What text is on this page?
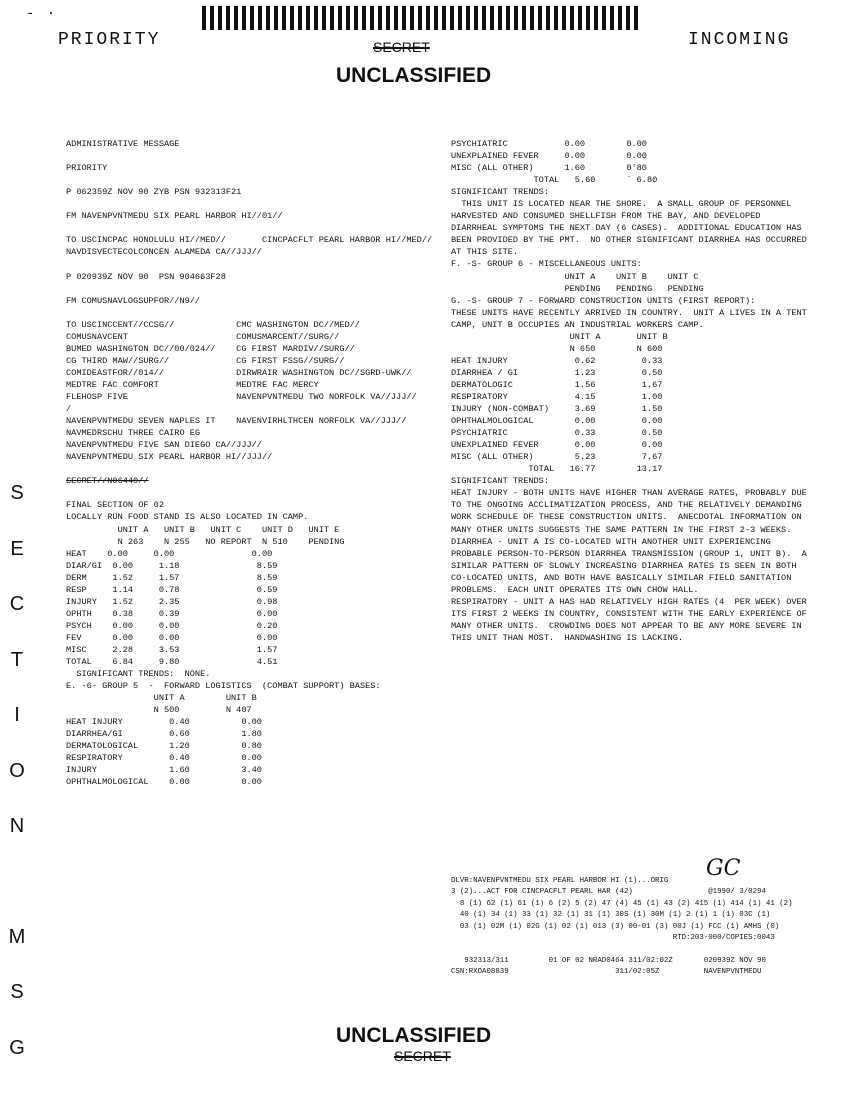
- ·
PRIORITY	INCOMING
SECRET
UNCLASSIFIED

S

E

C

T

I

O

N

M

S

G

ADMINISTRATIVE MESSAGE
PRIORITY
P 062359Z NOV 90 ZYB PSN 932313F21
FM NAVENPVNTMEDU SIX PEARL HARBOR HI//01//
TO USCINCPAC HONOLULU HI//MED//       CINCPACFLT PEARL HARBOR HI//MED//
NAVDISVECTECOLCONCEN ALAMEDA CA//JJJ//
P 020939Z NOV 90  PSN 904663F28
FM COMUSNAVLOGSUPFOR//N9//
TO USCINCCENT//CCSG//            CMC WASHINGTON DC//MED//
COMUSNAVCENT                     COMUSMARCENT//SURG//
BUMED WASHINGTON DC//00/024//    CG FIRST MARDIV//SURG//
CG THIRD MAW//SURG//             CG FIRST FSSG//SURG//
COMIDEASTFOR//014//              DIRWRAIR WASHINGTON DC//SGRD-UWK//
MEDTRE FAC COMFORT               MEDTRE FAC MERCY
FLEHOSP FIVE                     NAVENPVNTMEDU TWO NORFOLK VA//JJJ//
/
NAVENPVNTMEDU SEVEN NAPLES IT    NAVENVIRHLTHCEN NORFOLK VA//JJJ//
NAVMEDRSCHU THREE CAIRO EG
NAVENPVNTMEDU FIVE SAN DIEGO CA//JJJ//
NAVENPVNTMEDU SIX PEARL HARBOR HI//JJJ//
SECRET//N06440//
FINAL SECTION OF 02
LOCALLY RUN FOOD STAND IS ALSO LOCATED IN CAMP.
UNIT A   UNIT B   UNIT C    UNIT D   UNIT E
N 263    N 255   NO REPORT  N 510    PENDING
HEAT    0.00     0.00               0.00
DIAR/GI  0.00     1.18               8.59
DERM     1.52     1.57               8.59
RESP     1.14     0.78               0.59
INJURY   1.52     2.35               0.98
OPHTH    0.38     0.39               0.00
PSYCH    0.00     0.00               0.20
FEV      0.00     0.00               0.00
MISC     2.28     3.53               1.57
TOTAL    6.84     9.80               4.51
SIGNIFICANT TRENDS:  NONE.
E. -6- GROUP 5  -  FORWARD LOGISTICS  (COMBAT SUPPORT) BASES:
UNIT A        UNIT B
N 500         N 407
HEAT INJURY         0.40          0.00
DIARRHEA/GI         0.60          1.80
DERMATOLOGICAL      1.20          0.80
RESPIRATORY         0.40          0.00
INJURY              1.60          3.40
OPHTHALMOLOGICAL    0.00          0.00
PSYCHIATRIC           0.00        0.00
UNEXPLAINED FEVER     0.00        0.00
MISC (ALL OTHER)      1.60        0'80
TOTAL   5.60      ` 6.80
SIGNIFICANT TRENDS:
THIS UNIT IS LOCATED NEAR THE SHORE.  A SMALL GROUP OF PERSONNEL
HARVESTED AND CONSUMED SHELLFISH FROM THE BAY, AND DEVELOPED
DIARRHEAL SYMPTOMS THE NEXT DAY (6 CASES).  ADDITIONAL EDUCATION HAS
BEEN PROVIDED BY THE PMT.  NO OTHER SIGNIFICANT DIARRHEA HAS OCCURRED
AT THIS SITE.
F. -S- GROUP 6 - MISCELLANEOUS UNITS:
UNIT A    UNIT B    UNIT C
PENDING   PENDING   PENDING
G. -S- GROUP 7 - FORWARD CONSTRUCTION UNITS (FIRST REPORT):
THESE UNITS HAVE RECENTLY ARRIVED IN COUNTRY.  UNIT A LIVES IN A TENT
CAMP, UNIT B OCCUPIES AN INDUSTRIAL WORKERS CAMP.
UNIT A       UNIT B
N 650        N 600
HEAT INJURY             0.62         0.33
DIARRHEA / GI           1.23         0.50
DERMATOLOGIC            1.56         1.67
RESPIRATORY             4.15         1.00
INJURY (NON-COMBAT)     3.69         1.50
OPHTHALMOLOGICAL        0.00         0.00
PSYCHIATRIC             0.33         0.50
UNEXPLAINED FEVER       0.00         0.00
MISC (ALL OTHER)        5.23         7.67
TOTAL   16.77        13.17
SIGNIFICANT TRENDS:
HEAT INJURY - BOTH UNITS HAVE HIGHER THAN AVERAGE RATES, PROBABLY DUE
TO THE ONGOING ACCLIMATIZATION PROCESS, AND THE RELATIVELY DEMANDING
WORK SCHEDULE OF THESE CONSTRUCTION UNITS.  ANECDOTAL INFORMATION ON
MANY OTHER UNITS SUGGESTS THE SAME PATTERN IN THE FIRST 2-3 WEEKS.
DIARRHEA - UNIT A IS CO-LOCATED WITH ANOTHER UNIT EXPERIENCING
PROBABLE PERSON-TO-PERSON DIARRHEA TRANSMISSION (GROUP 1, UNIT B).  A
SIMILAR PATTERN OF SLOWLY INCREASING DIARRHEA RATES IS SEEN IN BOTH
CO-LOCATED UNITS, AND BOTH HAVE BASICALLY SIMILAR FIELD SANITATION
PROBLEMS.  EACH UNIT OPERATES ITS OWN CHOW HALL.
RESPIRATORY - UNIT A HAS HAD RELATIVELY HIGH RATES (4  PER WEEK) OVER
ITS FIRST 2 WEEKS IN COUNTRY, CONSISTENT WITH THE EARLY EXPERIENCE OF
MANY OTHER UNITS.  CROWDING DOES NOT APPEAR TO BE ANY MORE SEVERE IN
THIS UNIT THAN MOST.  HANDWASHING IS LACKING.
GC
DLVR:NAVENPVNTMEDU SIX PEARL HARBOR HI (1)...ORIG
3 (2)...ACT FOR CINCPACFLT PEARL HAR (42)                 @1990/ 3/0294
8 (1) 62 (1) 61 (1) 6 (2) 5 (2) 47 (4) 45 (1) 43 (2) 415 (1) 414 (1) 41 (2)
40 (1) 34 (1) 33 (1) 32 (1) 31 (1) 30S (1) 30M (1) 2 (1) 1 (1) 03C (1)
03 (1) 02M (1) 02G (1) 02 (1) 013 (3) 00-01 (3) 00J (1) FCC (1) AMHS (0)
RTD:203-000/COPIES:0043
932313/311         01 OF 02 NRAD0464 311/02:02Z       020939Z NOV 90
CSN:RXOA08839                        311/02:05Z          NAVENPVNTMEDU
UNCLASSIFIED
SECRET
